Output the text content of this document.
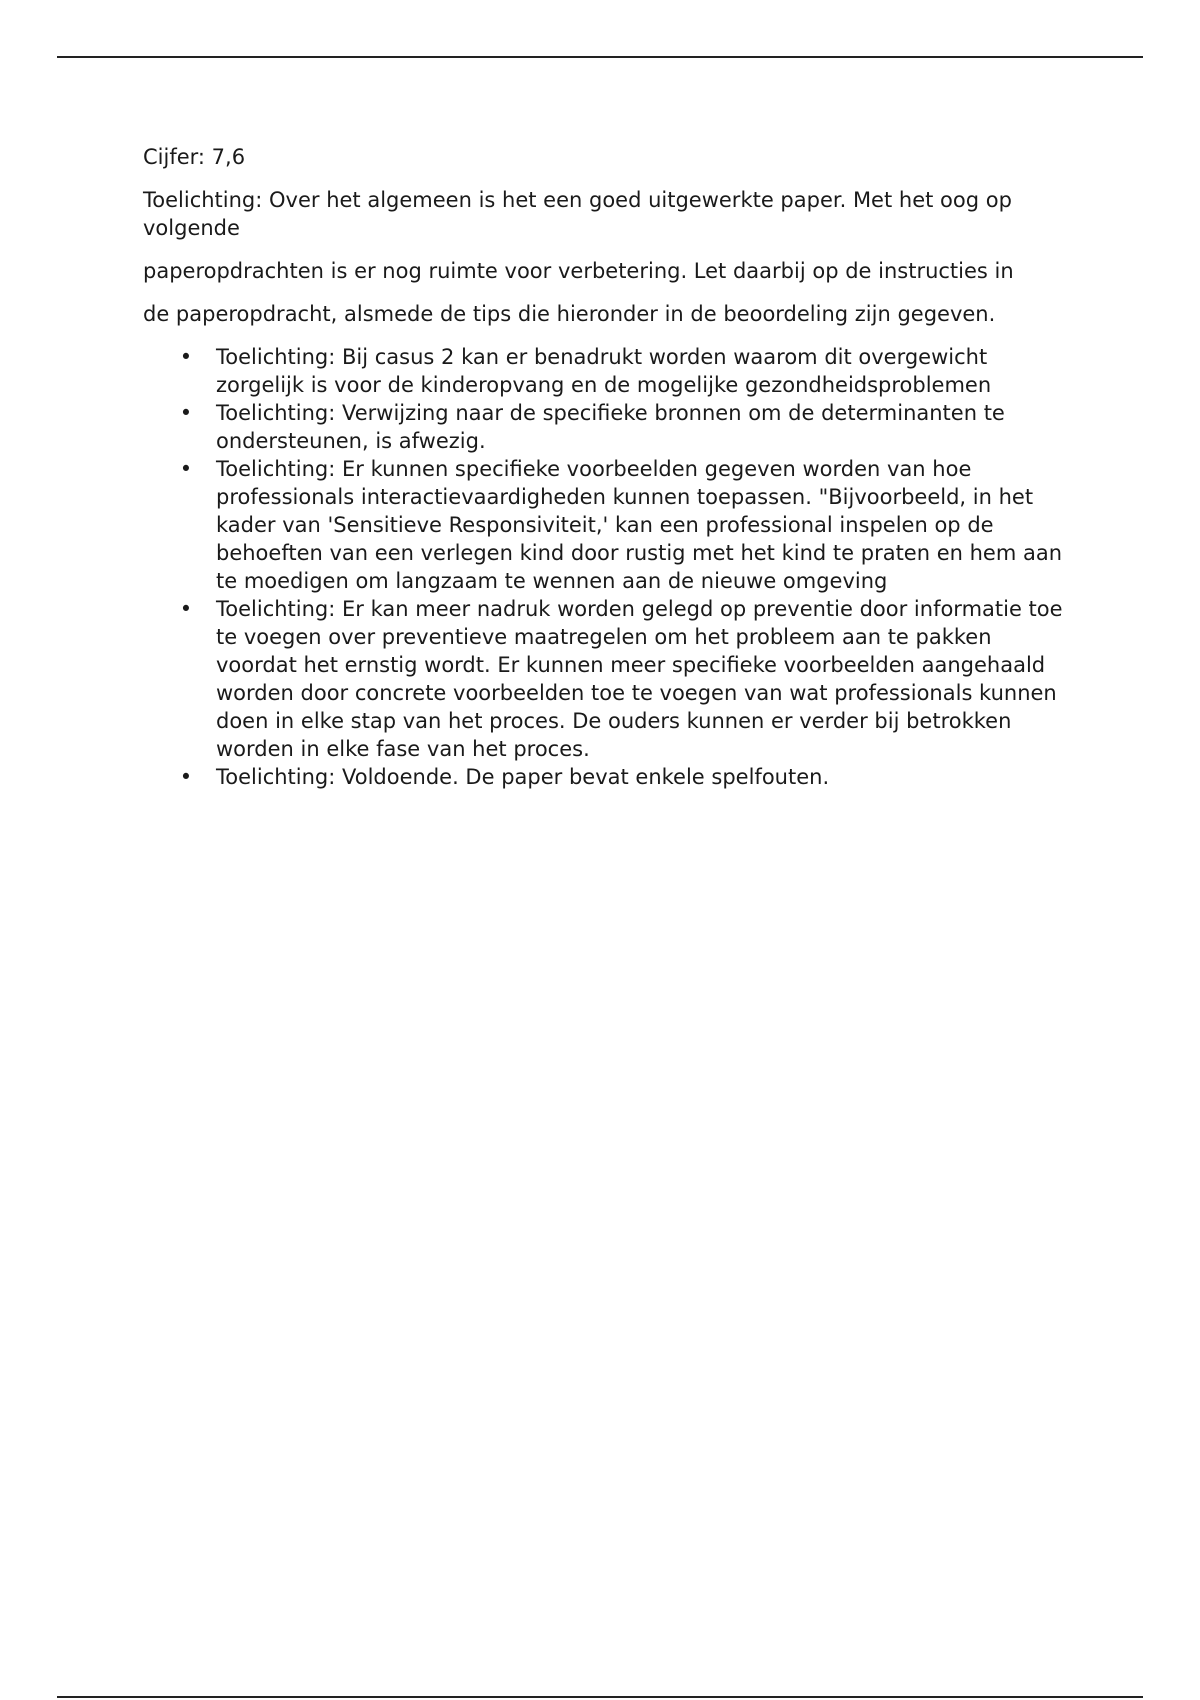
Cijfer: 7,6

Toelichting: Over het algemeen is het een goed uitgewerkte paper. Met het oog op volgende

paperopdrachten is er nog ruimte voor verbetering. Let daarbij op de instructies in

de paperopdracht, alsmede de tips die hieronder in de beoordeling zijn gegeven.

• Toelichting: Bij casus 2 kan er benadrukt worden waarom dit overgewicht zorgelijk is voor de kinderopvang en de mogelijke gezondheidsproblemen
• Toelichting: Verwijzing naar de specifieke bronnen om de determinanten te ondersteunen, is afwezig.
• Toelichting: Er kunnen specifieke voorbeelden gegeven worden van hoe professionals interactievaardigheden kunnen toepassen. "Bijvoorbeeld, in het kader van 'Sensitieve Responsiviteit,' kan een professional inspelen op de behoeften van een verlegen kind door rustig met het kind te praten en hem aan te moedigen om langzaam te wennen aan de nieuwe omgeving
• Toelichting: Er kan meer nadruk worden gelegd op preventie door informatie toe te voegen over preventieve maatregelen om het probleem aan te pakken voordat het ernstig wordt. Er kunnen meer specifieke voorbeelden aangehaald worden door concrete voorbeelden toe te voegen van wat professionals kunnen doen in elke stap van het proces. De ouders kunnen er verder bij betrokken worden in elke fase van het proces.
• Toelichting: Voldoende. De paper bevat enkele spelfouten.
